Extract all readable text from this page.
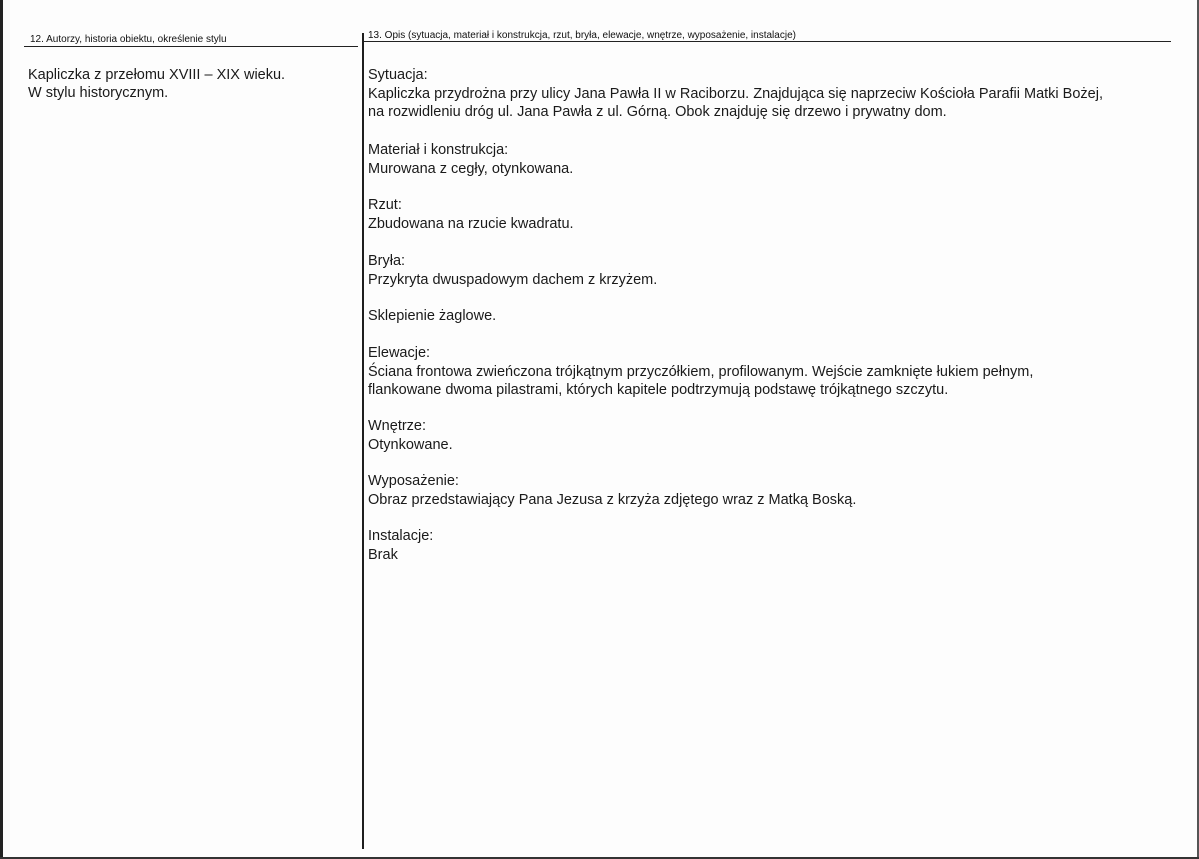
12. Autorzy, historia obiektu, określenie stylu	13. Opis (sytuacja, materiał i konstrukcja, rzut, bryła, elewacje, wnętrze, wyposażenie, instalacje)
Kapliczka z przełomu XVIII – XIX wieku.
W stylu historycznym.
Sytuacja:
Kapliczka przydrożna przy ulicy Jana Pawła II w Raciborzu. Znajdująca się naprzeciw Kościoła Parafii Matki Bożej,
na rozwidleniu dróg ul. Jana Pawła z ul. Górną. Obok znajduję się drzewo i prywatny dom.
Materiał i konstrukcja:
Murowana z cegły, otynkowana.
Rzut:
Zbudowana na rzucie kwadratu.
Bryła:
Przykryta dwuspadowym dachem z krzyżem.
Sklepienie żaglowe.
Elewacje:
Ściana frontowa zwieńczona trójkątnym przyczółkiem, profilowanym. Wejście zamknięte łukiem pełnym,
flankowane dwoma pilastrami, których kapitele podtrzymują podstawę trójkątnego szczytu.
Wnętrze:
Otynkowane.
Wyposażenie:
Obraz przedstawiający Pana Jezusa z krzyża zdjętego wraz z Matką Boską.
Instalacje:
Brak
